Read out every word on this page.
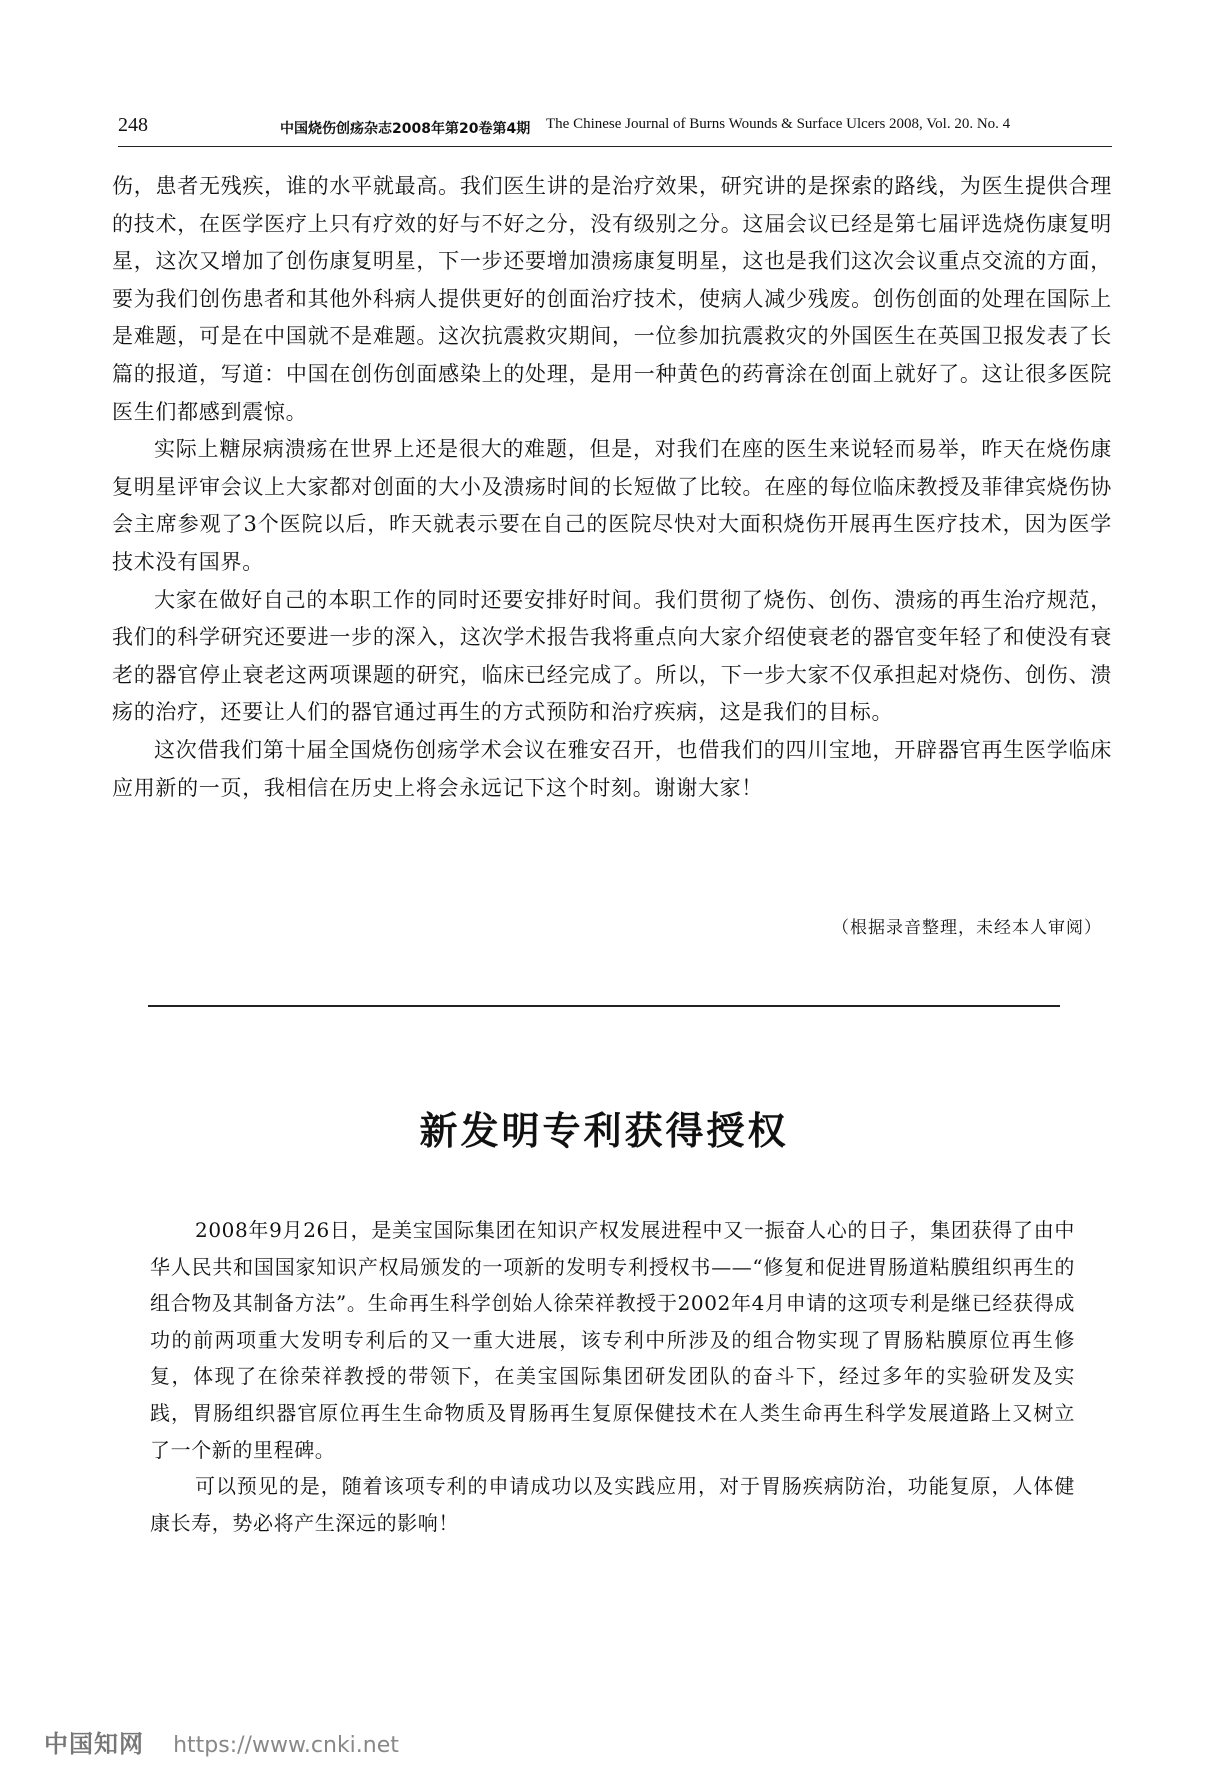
248	中国烧伤创疡杂志2008年第20卷第4期 The Chinese Journal of Burns Wounds & Surface Ulcers 2008, Vol. 20. No. 4

伤，患者无残疾，谁的水平就最高。我们医生讲的是治疗效果，研究讲的是探索的路线，为医生提供合理的技术，在医学医疗上只有疗效的好与不好之分，没有级别之分。这届会议已经是第七届评选烧伤康复明星，这次又增加了创伤康复明星，下一步还要增加溃疡康复明星，这也是我们这次会议重点交流的方面，要为我们创伤患者和其他外科病人提供更好的创面治疗技术，使病人减少残废。创伤创面的处理在国际上是难题，可是在中国就不是难题。这次抗震救灾期间，一位参加抗震救灾的外国医生在英国卫报发表了长篇的报道，写道：中国在创伤创面感染上的处理，是用一种黄色的药膏涂在创面上就好了。这让很多医院医生们都感到震惊。

实际上糖尿病溃疡在世界上还是很大的难题，但是，对我们在座的医生来说轻而易举，昨天在烧伤康复明星评审会议上大家都对创面的大小及溃疡时间的长短做了比较。在座的每位临床教授及菲律宾烧伤协会主席参观了3个医院以后，昨天就表示要在自己的医院尽快对大面积烧伤开展再生医疗技术，因为医学技术没有国界。

大家在做好自己的本职工作的同时还要安排好时间。我们贯彻了烧伤、创伤、溃疡的再生治疗规范，我们的科学研究还要进一步的深入，这次学术报告我将重点向大家介绍使衰老的器官变年轻了和使没有衰老的器官停止衰老这两项课题的研究，临床已经完成了。所以，下一步大家不仅承担起对烧伤、创伤、溃疡的治疗，还要让人们的器官通过再生的方式预防和治疗疾病，这是我们的目标。

这次借我们第十届全国烧伤创疡学术会议在雅安召开，也借我们的四川宝地，开辟器官再生医学临床应用新的一页，我相信在历史上将会永远记下这个时刻。谢谢大家！

（根据录音整理，未经本人审阅）
新发明专利获得授权

2008年9月26日，是美宝国际集团在知识产权发展进程中又一振奋人心的日子，集团获得了由中华人民共和国国家知识产权局颁发的一项新的发明专利授权书——“修复和促进胃肠道粘膜组织再生的组合物及其制备方法”。生命再生科学创始人徐荣祥教授于2002年4月申请的这项专利是继已经获得成功的前两项重大发明专利后的又一重大进展，该专利中所涉及的组合物实现了胃肠粘膜原位再生修复，体现了在徐荣祥教授的带领下，在美宝国际集团研发团队的奋斗下，经过多年的实验研发及实践，胃肠组织器官原位再生生命物质及胃肠再生复原保健技术在人类生命再生科学发展道路上又树立了一个新的里程碑。

可以预见的是，随着该项专利的申请成功以及实践应用，对于胃肠疾病防治，功能复原，人体健康长寿，势必将产生深远的影响！

中国知网 https://www.cnki.net
